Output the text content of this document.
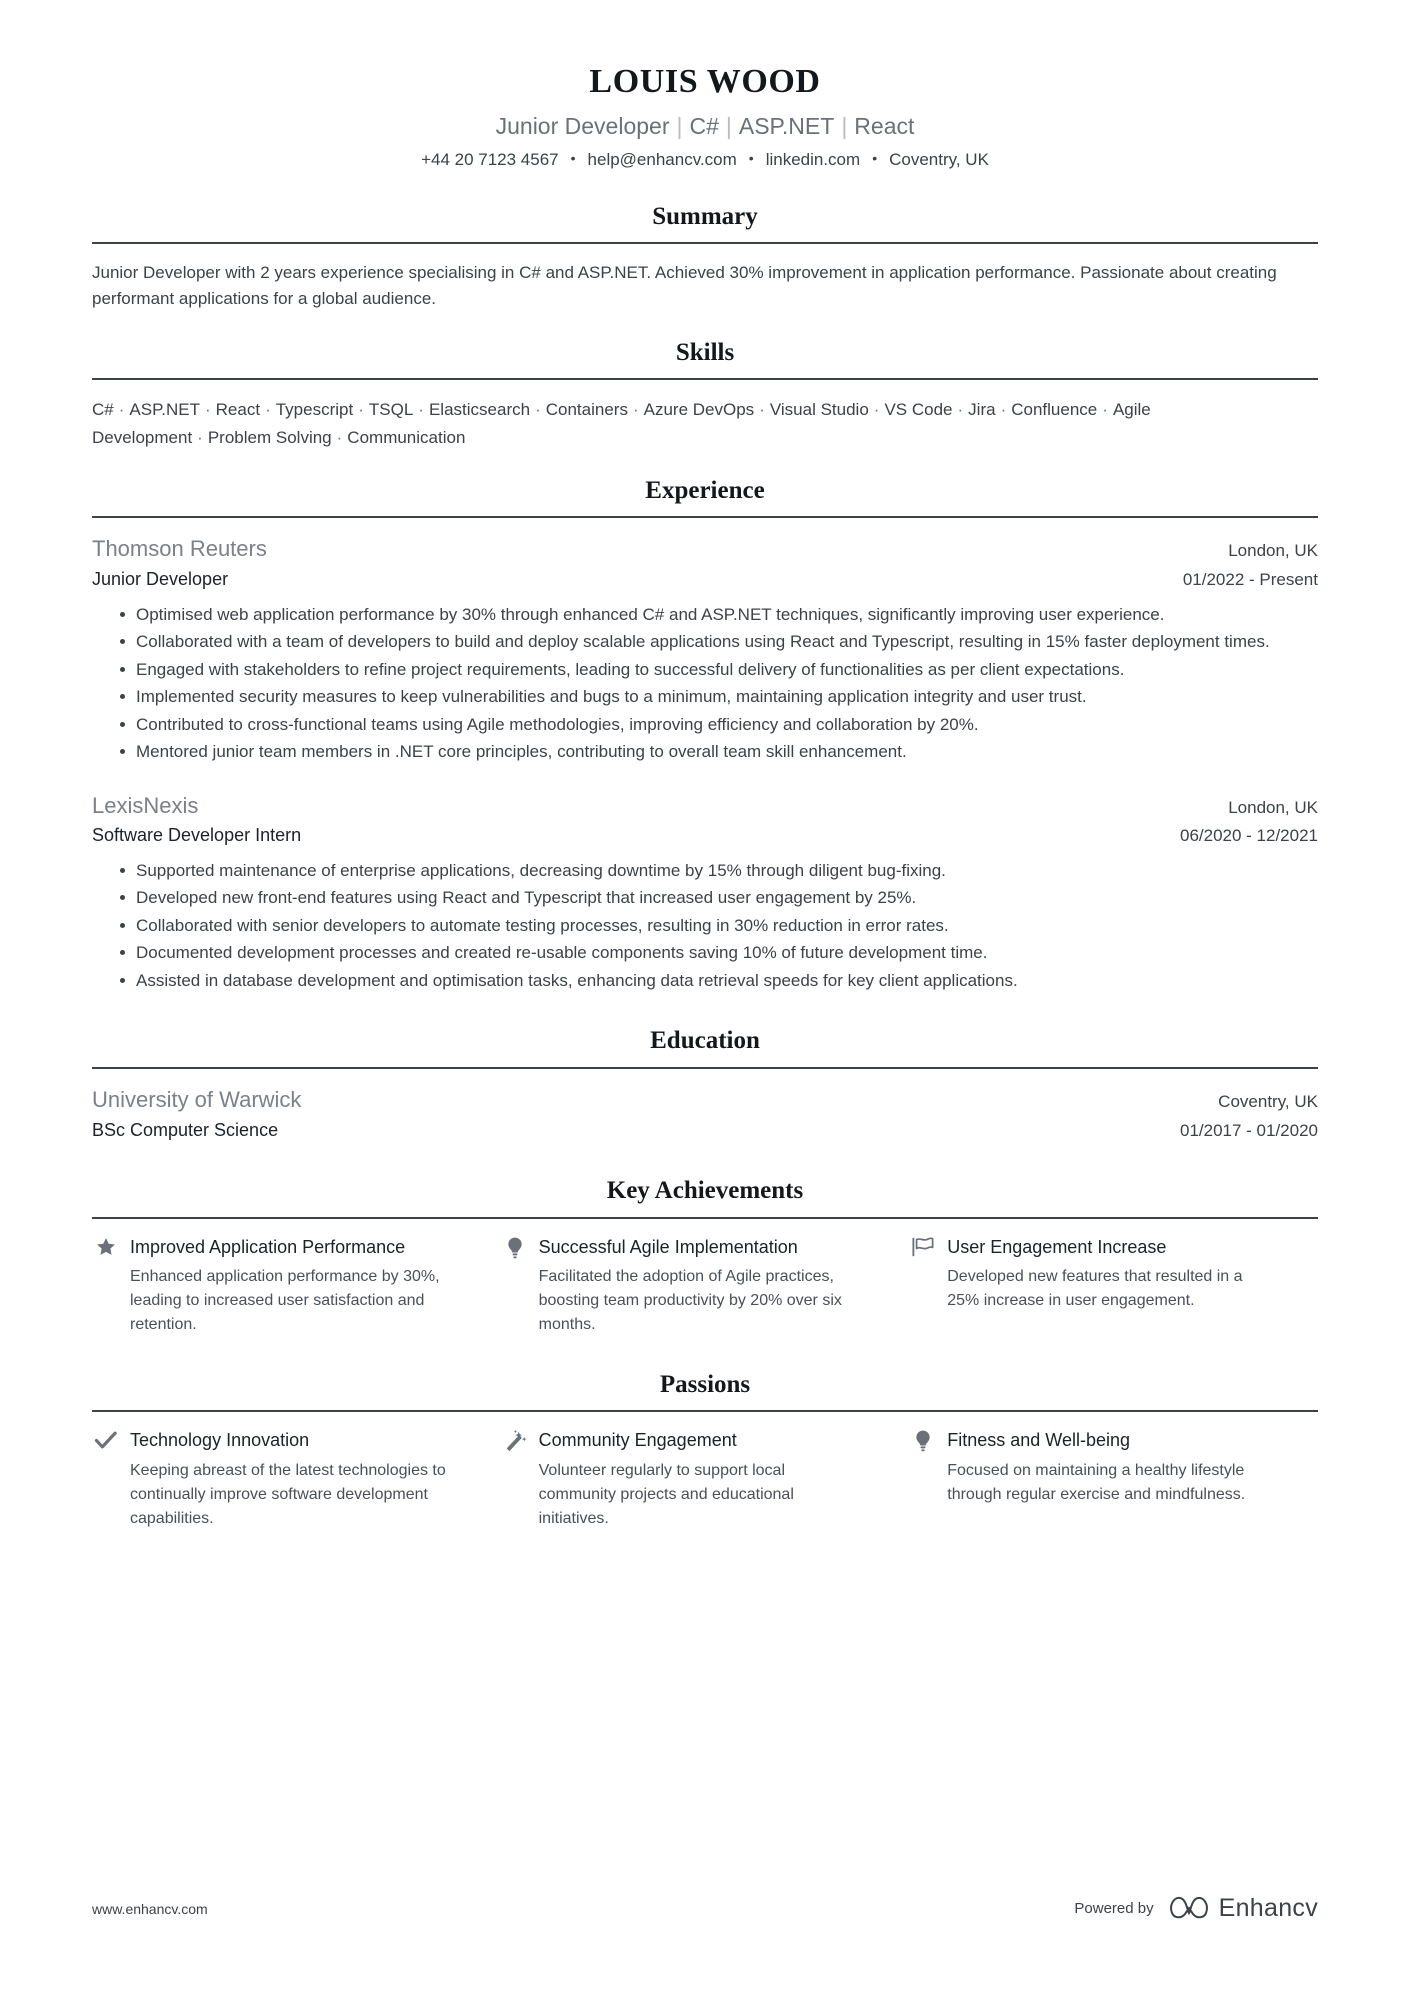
LOUIS WOOD
Junior Developer | C# | ASP.NET | React
+44 20 7123 4567 • help@enhancv.com • linkedin.com • Coventry, UK
Summary
Junior Developer with 2 years experience specialising in C# and ASP.NET. Achieved 30% improvement in application performance. Passionate about creating performant applications for a global audience.
Skills
C# · ASP.NET · React · Typescript · TSQL · Elasticsearch · Containers · Azure DevOps · Visual Studio · VS Code · Jira · Confluence · Agile Development · Problem Solving · Communication
Experience
Thomson Reuters	London, UK
Junior Developer	01/2022 - Present
Optimised web application performance by 30% through enhanced C# and ASP.NET techniques, significantly improving user experience.
Collaborated with a team of developers to build and deploy scalable applications using React and Typescript, resulting in 15% faster deployment times.
Engaged with stakeholders to refine project requirements, leading to successful delivery of functionalities as per client expectations.
Implemented security measures to keep vulnerabilities and bugs to a minimum, maintaining application integrity and user trust.
Contributed to cross-functional teams using Agile methodologies, improving efficiency and collaboration by 20%.
Mentored junior team members in .NET core principles, contributing to overall team skill enhancement.
LexisNexis	London, UK
Software Developer Intern	06/2020 - 12/2021
Supported maintenance of enterprise applications, decreasing downtime by 15% through diligent bug-fixing.
Developed new front-end features using React and Typescript that increased user engagement by 25%.
Collaborated with senior developers to automate testing processes, resulting in 30% reduction in error rates.
Documented development processes and created re-usable components saving 10% of future development time.
Assisted in database development and optimisation tasks, enhancing data retrieval speeds for key client applications.
Education
University of Warwick	Coventry, UK
BSc Computer Science	01/2017 - 01/2020
Key Achievements
Improved Application Performance
Enhanced application performance by 30%, leading to increased user satisfaction and retention.
Successful Agile Implementation
Facilitated the adoption of Agile practices, boosting team productivity by 20% over six months.
User Engagement Increase
Developed new features that resulted in a 25% increase in user engagement.
Passions
Technology Innovation
Keeping abreast of the latest technologies to continually improve software development capabilities.
Community Engagement
Volunteer regularly to support local community projects and educational initiatives.
Fitness and Well-being
Focused on maintaining a healthy lifestyle through regular exercise and mindfulness.
www.enhancv.com	Powered by	Enhancv
